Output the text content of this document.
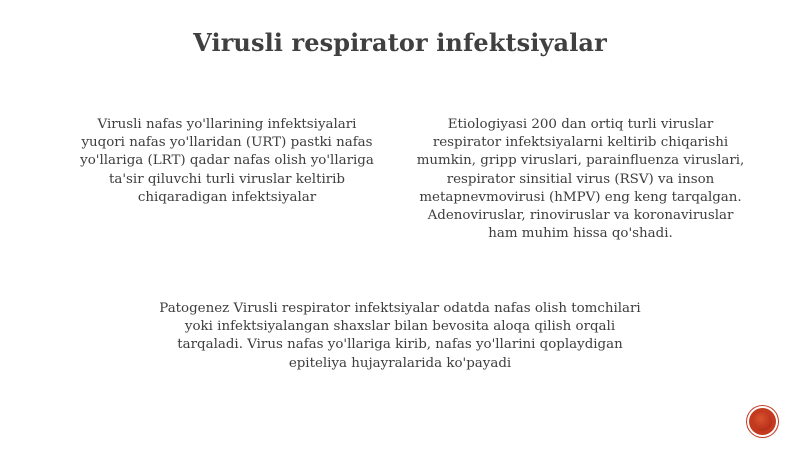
Virusli respirator infektsiyalar
Virusli nafas yo'llarining infektsiyalari
yuqori nafas yo'llaridan (URT) pastki nafas
yo'llariga (LRT) qadar nafas olish yo'llariga
ta'sir qiluvchi turli viruslar keltirib
chiqaradigan infektsiyalar
Etiologiyasi 200 dan ortiq turli viruslar
respirator infektsiyalarni keltirib chiqarishi
mumkin, gripp viruslari, parainfluenza viruslari,
respirator sinsitial virus (RSV) va inson
metapnevmovirusi (hMPV) eng keng tarqalgan.
Adenoviruslar, rinoviruslar va koronaviruslar
ham muhim hissa qo'shadi.
Patogenez Virusli respirator infektsiyalar odatda nafas olish tomchilari
yoki infektsiyalangan shaxslar bilan bevosita aloqa qilish orqali
tarqaladi. Virus nafas yo'llariga kirib, nafas yo'llarini qoplaydigan
epiteliya hujayralarida ko'payadi
